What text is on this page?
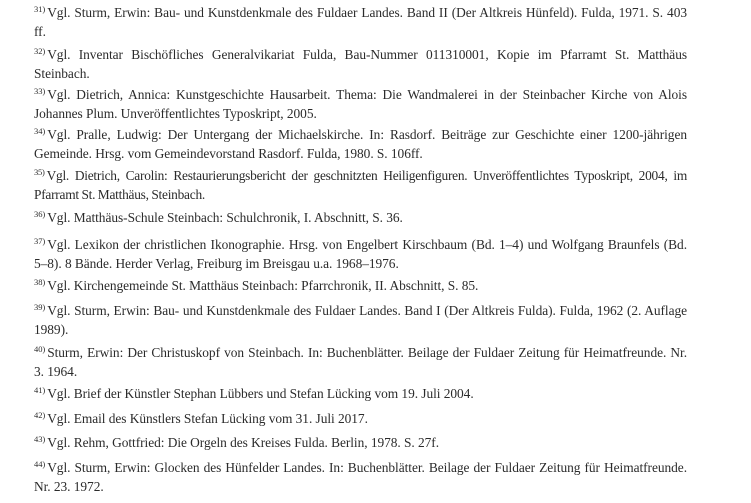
$^{31)}$ Vgl. Sturm, Erwin: Bau- und Kunstdenkmale des Fuldaer Landes. Band II (Der Altkreis Hünfeld). Fulda, 1971. S. 403 ff.
$^{32)}$ Vgl. Inventar Bischöfliches Generalvikariat Fulda, Bau-Nummer 011310001, Kopie im Pfarramt St. Matthäus Steinbach.
$^{33)}$ Vgl. Dietrich, Annica: Kunstgeschichte Hausarbeit. Thema: Die Wandmalerei in der Steinbacher Kirche von Alois Johannes Plum. Unveröffentlichtes Typoskript, 2005.
$^{34)}$ Vgl. Pralle, Ludwig: Der Untergang der Michaelskirche. In: Rasdorf. Beiträge zur Geschichte einer 1200-jährigen Gemeinde. Hrsg. vom Gemeindevorstand Rasdorf. Fulda, 1980. S. 106ff.
$^{35)}$ Vgl. Dietrich, Carolin: Restaurierungsbericht der geschnitzten Heiligenfiguren. Unveröffentlichtes Typoskript, 2004, im Pfarramt St. Matthäus, Steinbach.
$^{36)}$ Vgl. Matthäus-Schule Steinbach: Schulchronik, I. Abschnitt, S. 36.
$^{37)}$ Vgl. Lexikon der christlichen Ikonographie. Hrsg. von Engelbert Kirschbaum (Bd. 1–4) und Wolfgang Braunfels (Bd. 5–8). 8 Bände. Herder Verlag, Freiburg im Breisgau u.a. 1968–1976.
$^{38)}$ Vgl. Kirchengemeinde St. Matthäus Steinbach: Pfarrchronik, II. Abschnitt, S. 85.
$^{39)}$ Vgl. Sturm, Erwin: Bau- und Kunstdenkmale des Fuldaer Landes. Band I (Der Altkreis Fulda). Fulda, 1962 (2. Auflage 1989).
$^{40)}$ Sturm, Erwin: Der Christuskopf von Steinbach. In: Buchenblätter. Beilage der Fuldaer Zeitung für Heimatfreunde. Nr. 3. 1964.
$^{41)}$ Vgl. Brief der Künstler Stephan Lübbers und Stefan Lücking vom 19. Juli 2004.
$^{42)}$ Vgl. Email des Künstlers Stefan Lücking vom 31. Juli 2017.
$^{43)}$ Vgl. Rehm, Gottfried: Die Orgeln des Kreises Fulda. Berlin, 1978. S. 27f.
$^{44)}$ Vgl. Sturm, Erwin: Glocken des Hünfelder Landes. In: Buchenblätter. Beilage der Fuldaer Zeitung für Heimatfreunde. Nr. 23. 1972.
